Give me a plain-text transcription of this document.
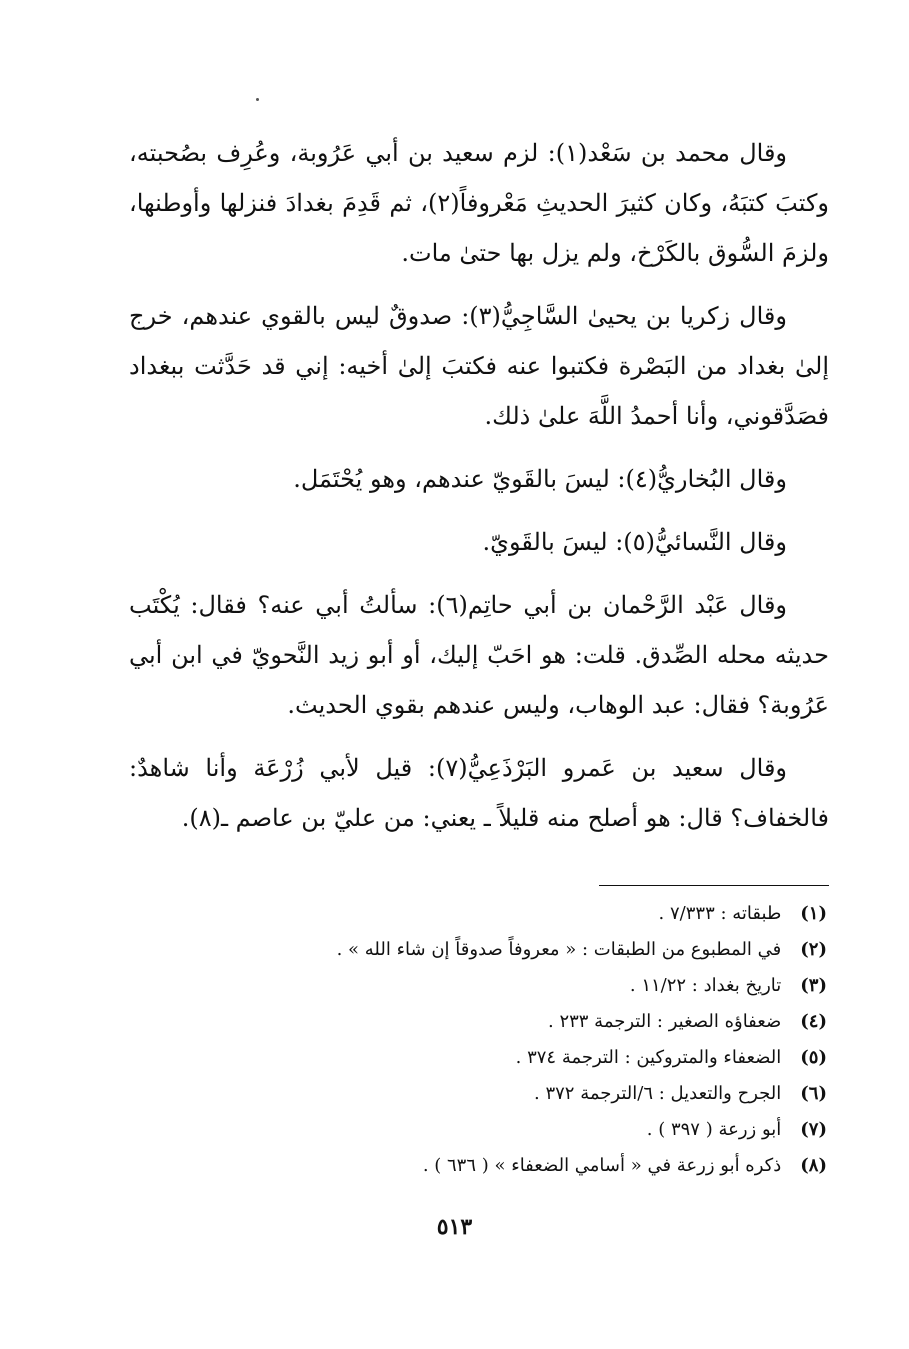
وقال محمد بن سَعْد(١): لزم سعيد بن أبي عَرُوبة، وعُرِف بصُحبته، وكتبَ كتبَهُ، وكان كثيرَ الحديثِ مَعْروفاً(٢)، ثم قَدِمَ بغدادَ فنزلها وأوطنها، ولزمَ السُّوق بالكَرْخ، ولم يزل بها حتىٰ مات.

وقال زكريا بن يحيىٰ السَّاجِيُّ(٣): صدوقٌ ليس بالقوي عندهم، خرج إلىٰ بغداد من البَصْرة فكتبوا عنه فكتبَ إلىٰ أخيه: إني قد حَدَّثت ببغداد فصَدَّقوني، وأنا أحمدُ اللَّهَ علىٰ ذلك.

وقال البُخاريُّ(٤): ليسَ بالقَويّ عندهم، وهو يُحْتَمَل.

وقال النَّسائيُّ(٥): ليسَ بالقَويّ.

وقال عَبْد الرَّحْمان بن أبي حاتِم(٦): سألتُ أبي عنه؟ فقال: يُكْتَب حديثه محله الصِّدق. قلت: هو احَبّ إليك، أو أبو زيد النَّحويّ في ابن أبي عَرُوبة؟ فقال: عبد الوهاب، وليس عندهم بقوي الحديث.

وقال سعيد بن عَمرو البَرْذَعِيُّ(٧): قيل لأبي زُرْعَة وأنا شاهدٌ: فالخفاف؟ قال: هو أصلح منه قليلاً ـ يعني: من عليّ بن عاصم ـ(٨).

(١) طبقاته : ٧/٣٣٣ .
(٢) في المطبوع من الطبقات : « معروفاً صدوقاً إن شاء الله » .
(٣) تاريخ بغداد : ١١/٢٢ .
(٤) ضعفاؤه الصغير : الترجمة ٢٣٣ .
(٥) الضعفاء والمتروكين : الترجمة ٣٧٤ .
(٦) الجرح والتعديل : ٦/الترجمة ٣٧٢ .
(٧) أبو زرعة ( ٣٩٧ ) .
(٨) ذكره أبو زرعة في « أسامي الضعفاء » ( ٦٣٦ ) .
٥١٣
